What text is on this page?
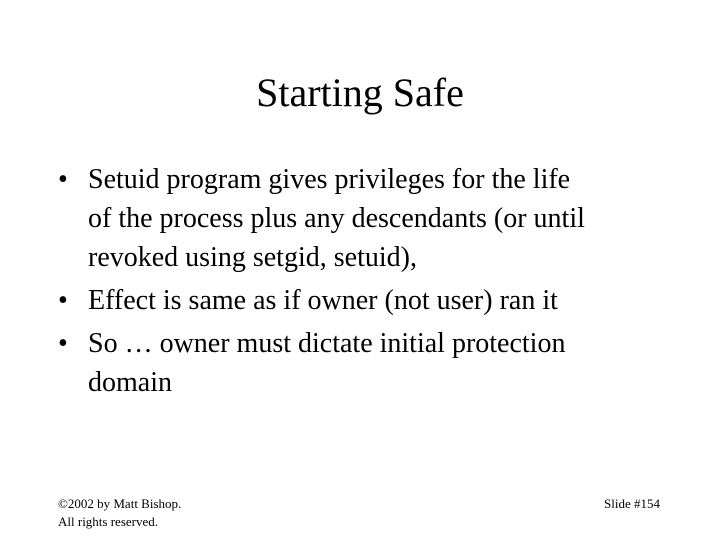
Starting Safe
• Setuid program gives privileges for the life
of the process plus any descendants (or until
revoked using setgid, setuid),
• Effect is same as if owner (not user) ran it
• So … owner must dictate initial protection
domain
©2002 by Matt Bishop.
All rights reserved.
Slide #154
